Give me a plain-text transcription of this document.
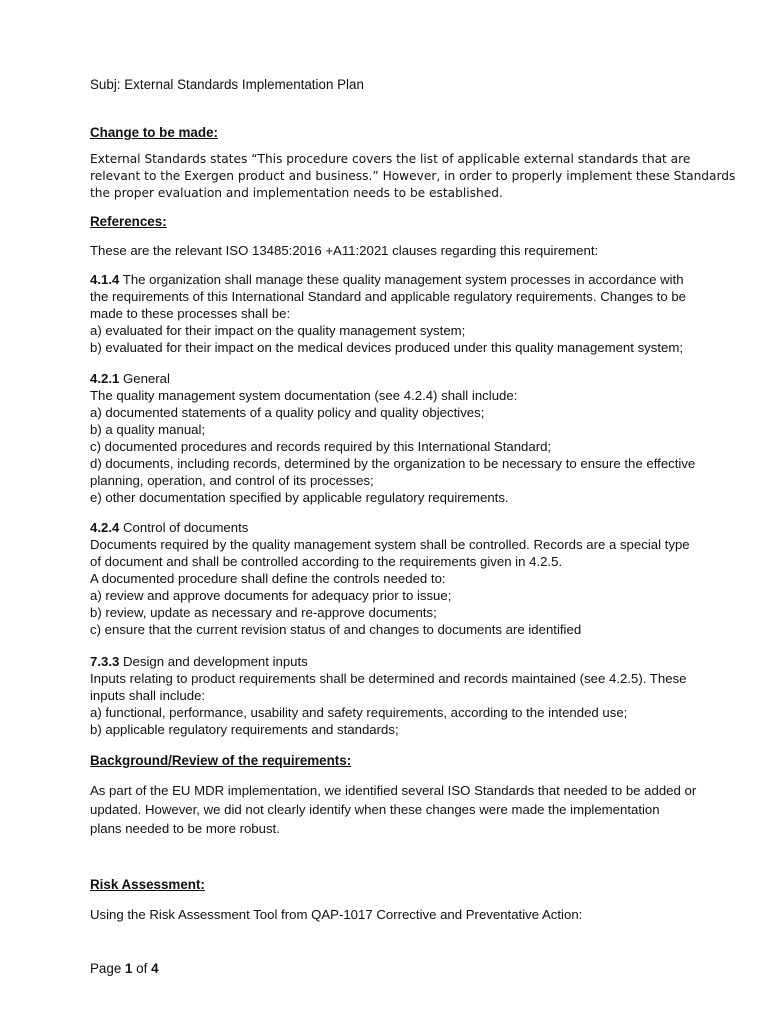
Subj: External Standards Implementation Plan
Change to be made:
External Standards states “This procedure covers the list of applicable external standards that are
relevant to the Exergen product and business.” However, in order to properly implement these Standards
the proper evaluation and implementation needs to be established.
References:
These are the relevant ISO 13485:2016 +A11:2021 clauses regarding this requirement:
4.1.4 The organization shall manage these quality management system processes in accordance with
the requirements of this International Standard and applicable regulatory requirements. Changes to be
made to these processes shall be:
a) evaluated for their impact on the quality management system;
b) evaluated for their impact on the medical devices produced under this quality management system;
4.2.1 General
The quality management system documentation (see 4.2.4) shall include:
a) documented statements of a quality policy and quality objectives;
b) a quality manual;
c) documented procedures and records required by this International Standard;
d) documents, including records, determined by the organization to be necessary to ensure the effective
planning, operation, and control of its processes;
e) other documentation specified by applicable regulatory requirements.
4.2.4 Control of documents
Documents required by the quality management system shall be controlled. Records are a special type
of document and shall be controlled according to the requirements given in 4.2.5.
A documented procedure shall define the controls needed to:
a) review and approve documents for adequacy prior to issue;
b) review, update as necessary and re-approve documents;
c) ensure that the current revision status of and changes to documents are identified
7.3.3 Design and development inputs
Inputs relating to product requirements shall be determined and records maintained (see 4.2.5). These
inputs shall include:
a) functional, performance, usability and safety requirements, according to the intended use;
b) applicable regulatory requirements and standards;
Background/Review of the requirements:
As part of the EU MDR implementation, we identified several ISO Standards that needed to be added or
updated. However, we did not clearly identify when these changes were made the implementation
plans needed to be more robust.
Risk Assessment:
Using the Risk Assessment Tool from QAP-1017 Corrective and Preventative Action:
Page 1 of 4
